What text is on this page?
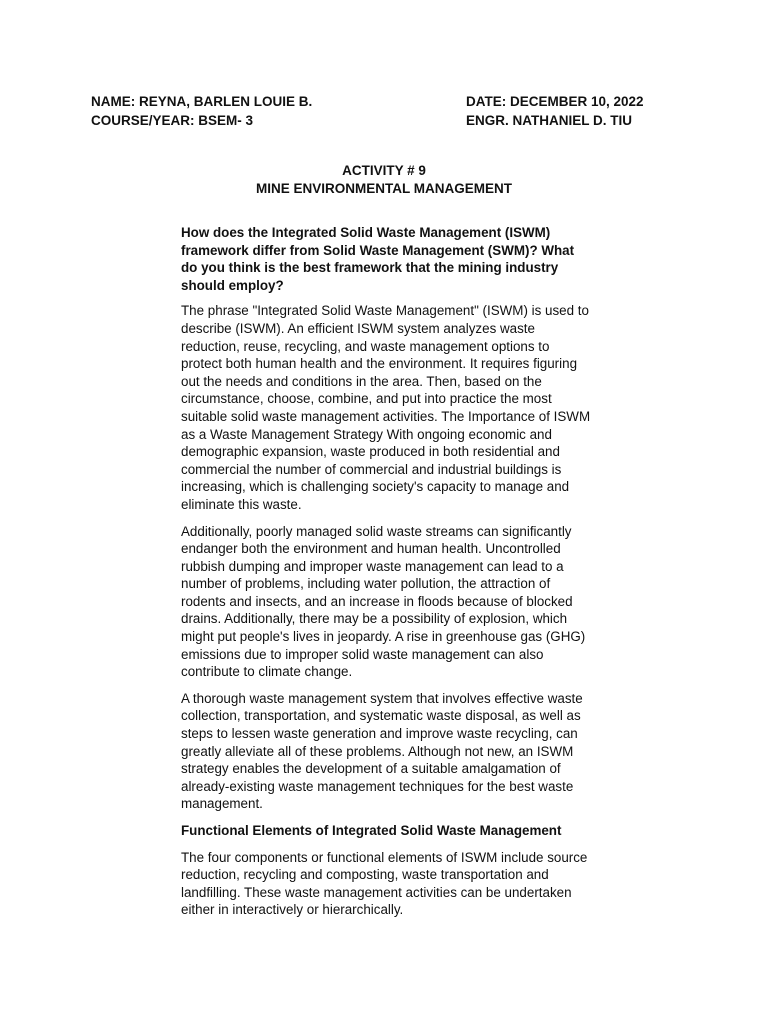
NAME: REYNA, BARLEN LOUIE B.
COURSE/YEAR: BSEM- 3
DATE: DECEMBER 10, 2022
ENGR. NATHANIEL D. TIU
ACTIVITY # 9
MINE ENVIRONMENTAL MANAGEMENT

How does the Integrated Solid Waste Management (ISWM) framework differ from Solid Waste Management (SWM)? What do you think is the best framework that the mining industry should employ?

The phrase "Integrated Solid Waste Management" (ISWM) is used to describe (ISWM). An efficient ISWM system analyzes waste reduction, reuse, recycling, and waste management options to protect both human health and the environment. It requires figuring out the needs and conditions in the area. Then, based on the circumstance, choose, combine, and put into practice the most suitable solid waste management activities. The Importance of ISWM as a Waste Management Strategy With ongoing economic and demographic expansion, waste produced in both residential and commercial the number of commercial and industrial buildings is increasing, which is challenging society's capacity to manage and eliminate this waste.

Additionally, poorly managed solid waste streams can significantly endanger both the environment and human health. Uncontrolled rubbish dumping and improper waste management can lead to a number of problems, including water pollution, the attraction of rodents and insects, and an increase in floods because of blocked drains. Additionally, there may be a possibility of explosion, which might put people's lives in jeopardy. A rise in greenhouse gas (GHG) emissions due to improper solid waste management can also contribute to climate change.

A thorough waste management system that involves effective waste collection, transportation, and systematic waste disposal, as well as steps to lessen waste generation and improve waste recycling, can greatly alleviate all of these problems. Although not new, an ISWM strategy enables the development of a suitable amalgamation of already-existing waste management techniques for the best waste management.

Functional Elements of Integrated Solid Waste Management

The four components or functional elements of ISWM include source reduction, recycling and composting, waste transportation and landfilling. These waste management activities can be undertaken either in interactively or hierarchically.
